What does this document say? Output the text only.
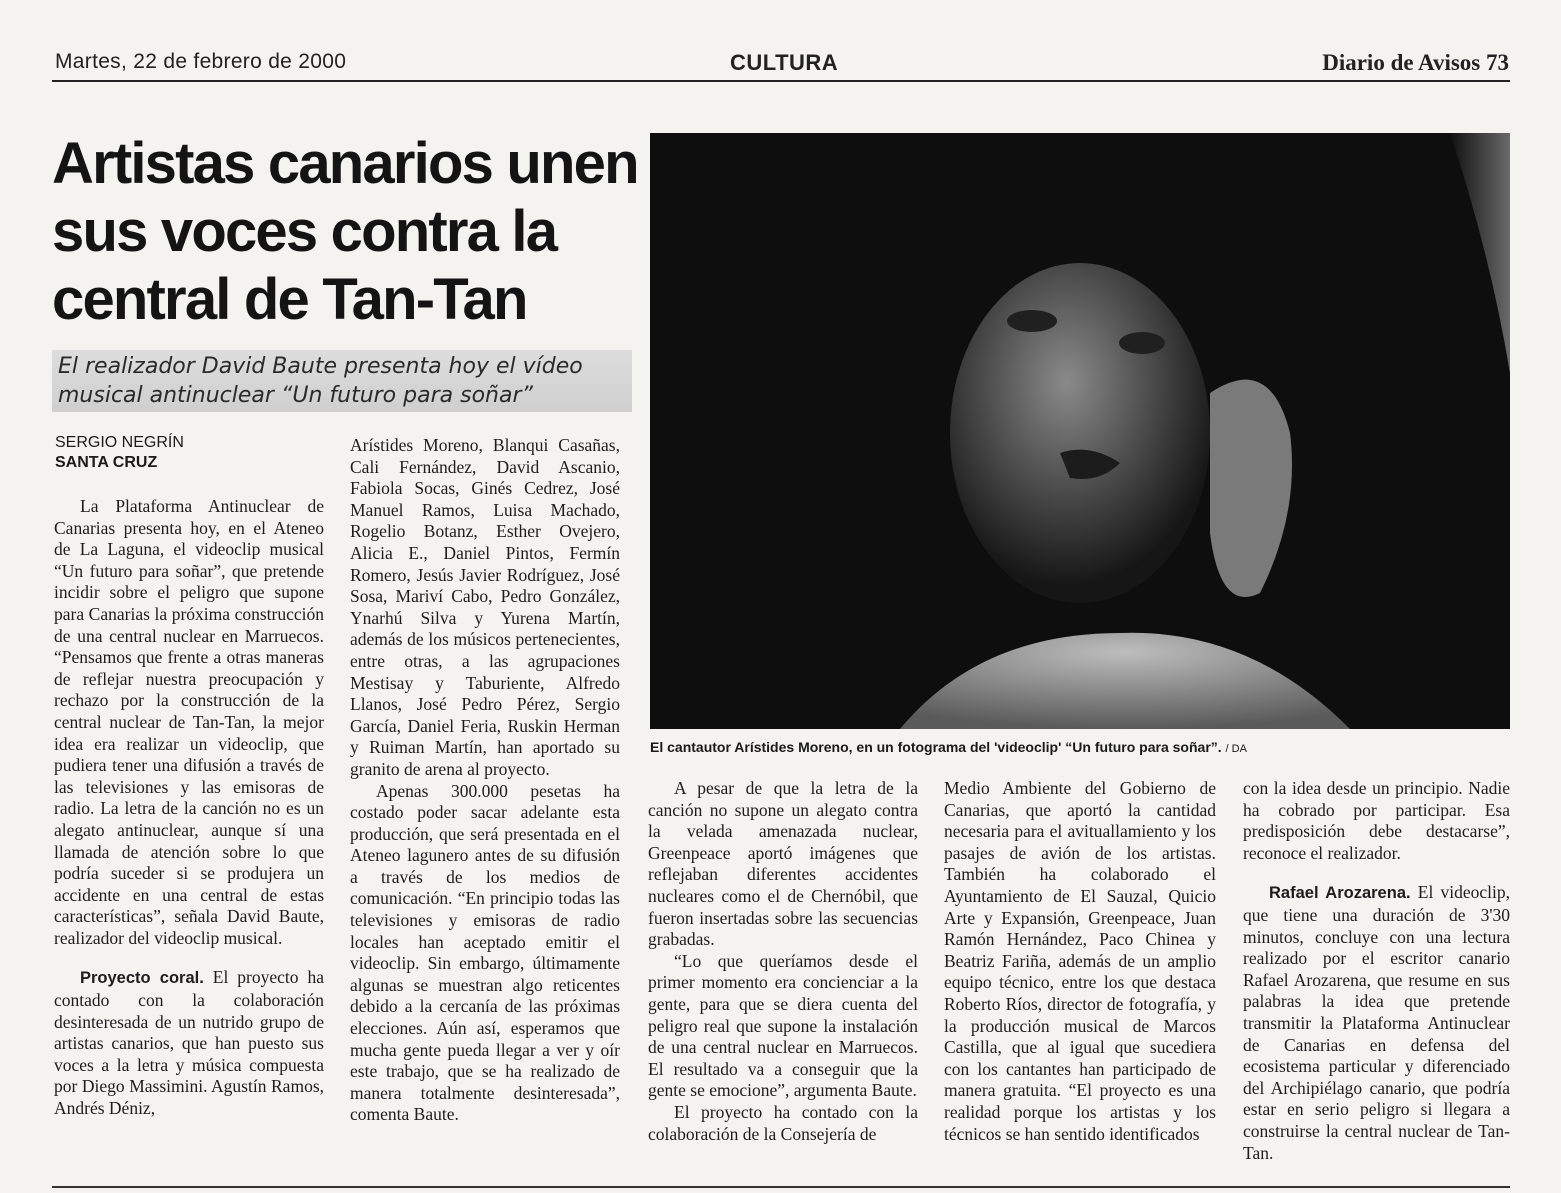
Martes, 22 de febrero de 2000	CULTURA	Diario de Avisos 73
Artistas canarios unen sus voces contra la central de Tan-Tan

El realizador David Baute presenta hoy el vídeo musical antinuclear “Un futuro para soñar”

SERGIO NEGRÍN
SANTA CRUZ

La Plataforma Antinuclear de Canarias presenta hoy, en el Ateneo de La Laguna, el videoclip musical “Un futuro para soñar”, que pretende incidir sobre el peligro que supone para Canarias la próxima construcción de una central nuclear en Marruecos. “Pensamos que frente a otras maneras de reflejar nuestra preocupación y rechazo por la construcción de la central nuclear de Tan-Tan, la mejor idea era realizar un videoclip, que pudiera tener una difusión a través de las televisiones y las emisoras de radio. La letra de la canción no es un alegato antinuclear, aunque sí una llamada de atención sobre lo que podría suceder si se produjera un accidente en una central de estas características”, señala David Baute, realizador del videoclip musical.

Proyecto coral. El proyecto ha contado con la colaboración desinteresada de un nutrido grupo de artistas canarios, que han puesto sus voces a la letra y música compuesta por Diego Massimini. Agustín Ramos, Andrés Déniz,

Arístides Moreno, Blanqui Casañas, Cali Fernández, David Ascanio, Fabiola Socas, Ginés Cedrez, José Manuel Ramos, Luisa Machado, Rogelio Botanz, Esther Ovejero, Alicia E., Daniel Pintos, Fermín Romero, Jesús Javier Rodríguez, José Sosa, Mariví Cabo, Pedro González, Ynarhú Silva y Yurena Martín, además de los músicos pertenecientes, entre otras, a las agrupaciones Mestisay y Taburiente, Alfredo Llanos, José Pedro Pérez, Sergio García, Daniel Feria, Ruskin Herman y Ruiman Martín, han aportado su granito de arena al proyecto.

Apenas 300.000 pesetas ha costado poder sacar adelante esta producción, que será presentada en el Ateneo lagunero antes de su difusión a través de los medios de comunicación. “En principio todas las televisiones y emisoras de radio locales han aceptado emitir el videoclip. Sin embargo, últimamente algunas se muestran algo reticentes debido a la cercanía de las próximas elecciones. Aún así, esperamos que mucha gente pueda llegar a ver y oír este trabajo, que se ha realizado de manera totalmente desinteresada”, comenta Baute.

El cantautor Arístides Moreno, en un fotograma del 'videoclip' “Un futuro para soñar”. / DA

A pesar de que la letra de la canción no supone un alegato contra la velada amenazada nuclear, Greenpeace aportó imágenes que reflejaban diferentes accidentes nucleares como el de Chernóbil, que fueron insertadas sobre las secuencias grabadas.

“Lo que queríamos desde el primer momento era concienciar a la gente, para que se diera cuenta del peligro real que supone la instalación de una central nuclear en Marruecos. El resultado va a conseguir que la gente se emocione”, argumenta Baute.

El proyecto ha contado con la colaboración de la Consejería de

Medio Ambiente del Gobierno de Canarias, que aportó la cantidad necesaria para el avituallamiento y los pasajes de avión de los artistas. También ha colaborado el Ayuntamiento de El Sauzal, Quicio Arte y Expansión, Greenpeace, Juan Ramón Hernández, Paco Chinea y Beatriz Fariña, además de un amplio equipo técnico, entre los que destaca Roberto Ríos, director de fotografía, y la producción musical de Marcos Castilla, que al igual que sucediera con los cantantes han participado de manera gratuita. “El proyecto es una realidad porque los artistas y los técnicos se han sentido identificados

con la idea desde un principio. Nadie ha cobrado por participar. Esa predisposición debe destacarse”, reconoce el realizador.

Rafael Arozarena. El videoclip, que tiene una duración de 3'30 minutos, concluye con una lectura realizado por el escritor canario Rafael Arozarena, que resume en sus palabras la idea que pretende transmitir la Plataforma Antinuclear de Canarias en defensa del ecosistema particular y diferenciado del Archipiélago canario, que podría estar en serio peligro si llegara a construirse la central nuclear de Tan-Tan.
